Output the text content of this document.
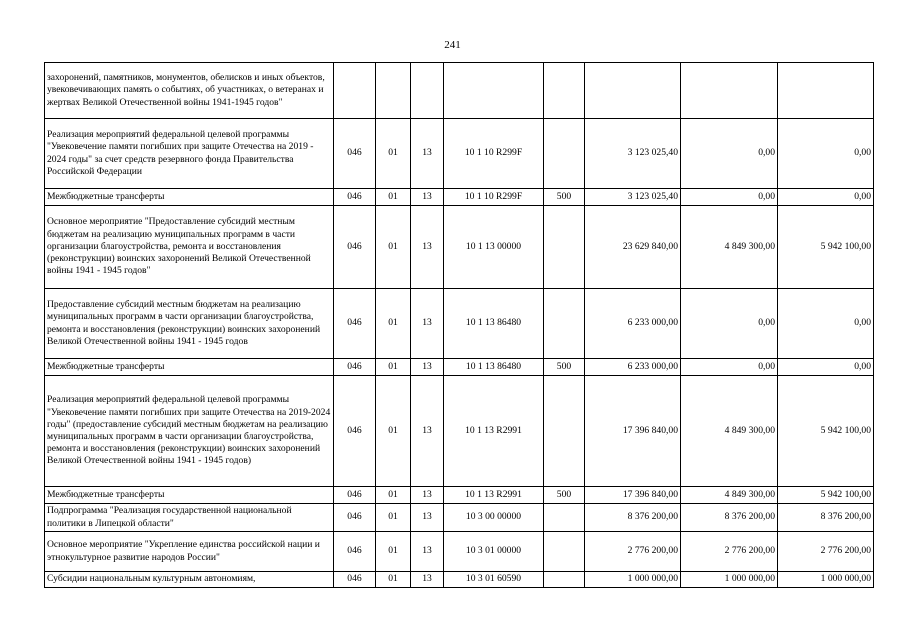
241
захоронений, памятников, монументов, обелисков и иных объектов, увековечивающих память о событиях, об участниках, о ветеранах и жертвах Великой Отечественной войны 1941-1945 годов"								
Реализация мероприятий федеральной целевой программы "Увековечение памяти погибших при защите Отечества на 2019 - 2024 годы" за счет средств резервного фонда Правительства Российской Федерации	046	01	13	10 1 10 R299F		3 123 025,40	0,00	0,00
Межбюджетные трансферты	046	01	13	10 1 10 R299F	500	3 123 025,40	0,00	0,00
Основное мероприятие "Предоставление субсидий местным бюджетам на реализацию муниципальных программ в части организации благоустройства, ремонта и восстановления (реконструкции) воинских захоронений Великой Отечественной войны 1941 - 1945 годов"	046	01	13	10 1 13 00000		23 629 840,00	4 849 300,00	5 942 100,00
Предоставление субсидий местным бюджетам на реализацию муниципальных программ в части организации благоустройства, ремонта и восстановления (реконструкции) воинских захоронений Великой Отечественной войны 1941 - 1945 годов	046	01	13	10 1 13 86480		6 233 000,00	0,00	0,00
Межбюджетные трансферты	046	01	13	10 1 13 86480	500	6 233 000,00	0,00	0,00
Реализация мероприятий федеральной целевой программы "Увековечение памяти погибших при защите Отечества на 2019-2024 годы" (предоставление субсидий местным бюджетам на реализацию муниципальных программ в части организации благоустройства, ремонта и восстановления (реконструкции) воинских захоронений Великой Отечественной войны 1941 - 1945 годов)	046	01	13	10 1 13 R2991		17 396 840,00	4 849 300,00	5 942 100,00
Межбюджетные трансферты	046	01	13	10 1 13 R2991	500	17 396 840,00	4 849 300,00	5 942 100,00
Подпрограмма "Реализация государственной национальной политики в Липецкой области"	046	01	13	10 3 00 00000		8 376 200,00	8 376 200,00	8 376 200,00
Основное мероприятие "Укрепление единства российской нации и этнокультурное развитие народов России"	046	01	13	10 3 01 00000		2 776 200,00	2 776 200,00	2 776 200,00
Субсидии национальным культурным автономиям,	046	01	13	10 3 01 60590		1 000 000,00	1 000 000,00	1 000 000,00
